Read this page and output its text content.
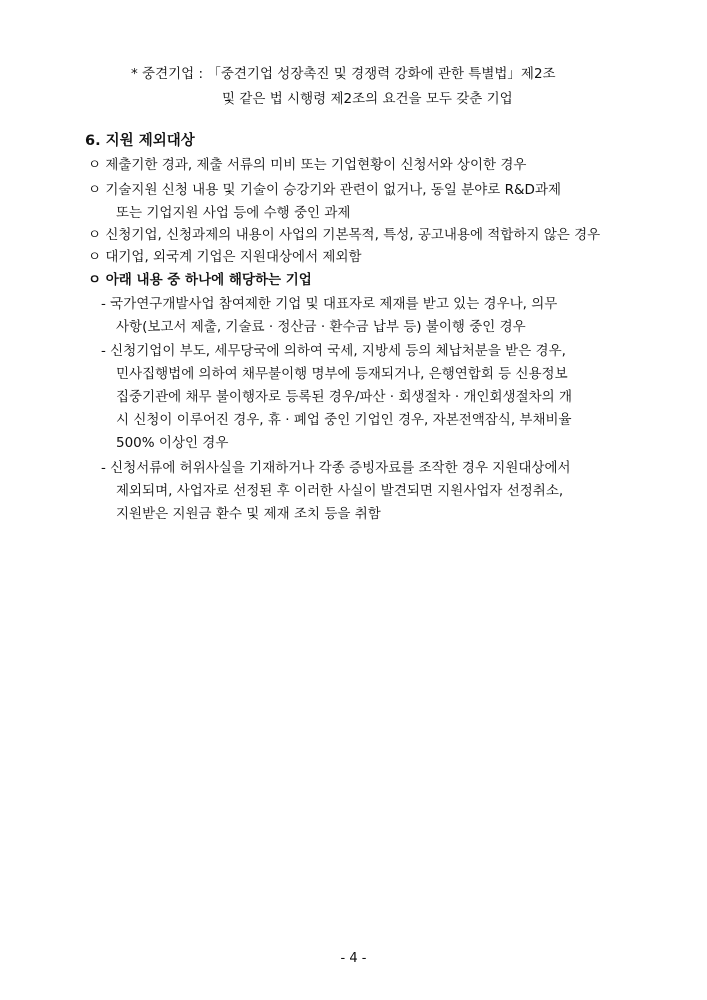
* 중견기업 : 「중견기업 성장촉진 및 경쟁력 강화에 관한 특별법」제2조
및 같은 법 시행령 제2조의 요건을 모두 갖춘 기업
6. 지원 제외대상
ㅇ 제출기한 경과, 제출 서류의 미비 또는 기업현황이 신청서와 상이한 경우
ㅇ 기술지원 신청 내용 및 기술이 승강기와 관련이 없거나, 동일 분야로 R&D과제
또는 기업지원 사업 등에 수행 중인 과제
ㅇ 신청기업, 신청과제의 내용이 사업의 기본목적, 특성, 공고내용에 적합하지 않은 경우
ㅇ 대기업, 외국계 기업은 지원대상에서 제외함
ㅇ 아래 내용 중 하나에 해당하는 기업
- 국가연구개발사업 참여제한 기업 및 대표자로 제재를 받고 있는 경우나, 의무
사항(보고서 제출, 기술료 · 정산금 · 환수금 납부 등) 불이행 중인 경우
- 신청기업이 부도, 세무당국에 의하여 국세, 지방세 등의 체납처분을 받은 경우,
민사집행법에 의하여 채무불이행 명부에 등재되거나, 은행연합회 등 신용정보
집중기관에 채무 불이행자로 등록된 경우/파산 · 회생절차 · 개인회생절차의 개
시 신청이 이루어진 경우, 휴 · 폐업 중인 기업인 경우, 자본전액잠식, 부채비율
500% 이상인 경우
- 신청서류에 허위사실을 기재하거나 각종 증빙자료를 조작한 경우 지원대상에서
제외되며, 사업자로 선정된 후 이러한 사실이 발견되면 지원사업자 선정취소,
지원받은 지원금 환수 및 제재 조치 등을 취함
- 4 -
